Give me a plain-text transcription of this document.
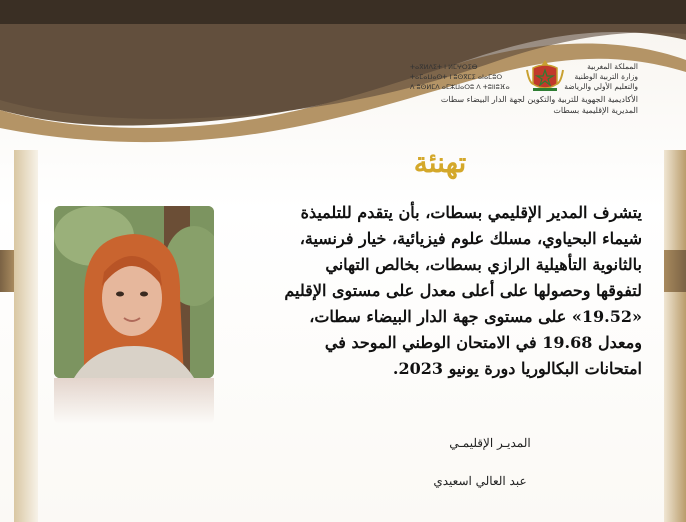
ⵜⴰⴳⵍⴷⵉⵜ ⵏ ⵍⵎⵖⵔⵉⴱ
ⵜⴰⵎⴰⵡⴰⵙⵜ ⵏ ⵓⵙⴳⵎⵉ ⴰⵏⴰⵎⵓⵔ
ⴷ ⵓⵙⵍⵎⴷ ⴰⵎⵣⵡⴰⵔⵓ ⴷ ⵜⵓⵏⵏⵓⴼⴰ
المملكة المغربية
وزارة التربية الوطنية
والتعليم الأولي والرياضة
الأكاديمية الجهوية للتربية والتكوين لجهة الدار البيضاء سطات
المديرية الإقليمية بسطات
تهنئة
يتشرف المدير الإقليمي بسطات، بأن يتقدم للتلميذة
شيماء البحياوي، مسلك علوم فيزيائية، خيار فرنسية،
بالثانوية التأهيلية الرازي بسطات، بخالص التهاني
لتفوقها وحصولها على أعلى معدل على مستوى الإقليم
«19.52» على مستوى جهة الدار البيضاء سطات،
ومعدل 19.68 في الامتحان الوطني الموحد في
امتحانات البكالوريا دورة يونيو 2023.
المديـر الإقليمـي
عبد العالي اسعيدي
